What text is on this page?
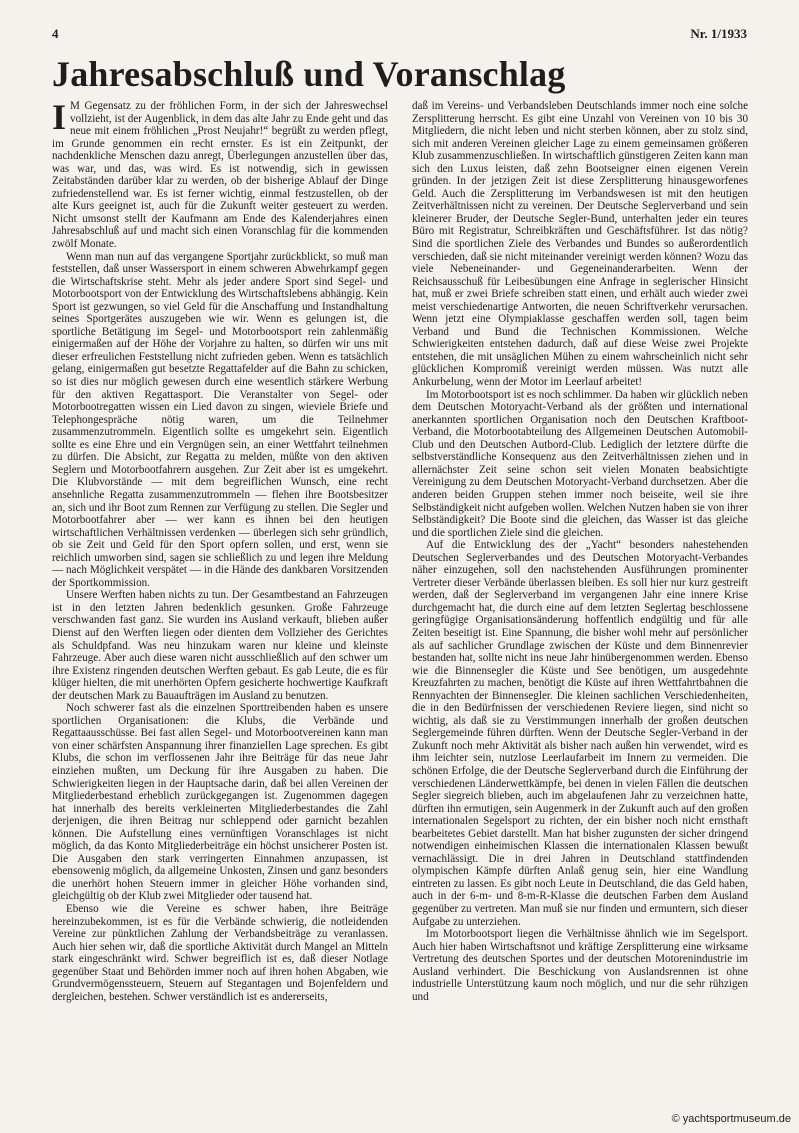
4	Nr. 1/1933
Jahresabschluß und Voranschlag

I M Gegensatz zu der fröhlichen Form, in der sich der Jahreswechsel vollzieht, ist der Augenblick, in dem das alte Jahr zu Ende geht und das neue mit einem fröhlichen „Prost Neujahr!“ begrüßt zu werden pflegt, im Grunde genommen ein recht ernster. Es ist ein Zeitpunkt, der nachdenkliche Menschen dazu anregt, Überlegungen anzustellen über das, was war, und das, was wird. Es ist notwendig, sich in gewissen Zeitabständen darüber klar zu werden, ob der bisherige Ablauf der Dinge zufriedenstellend war. Es ist ferner wichtig, einmal festzustellen, ob der alte Kurs geeignet ist, auch für die Zukunft weiter gesteuert zu werden. Nicht umsonst stellt der Kaufmann am Ende des Kalenderjahres einen Jahresabschluß auf und macht sich einen Voranschlag für die kommenden zwölf Monate.

Wenn man nun auf das vergangene Sportjahr zurückblickt, so muß man feststellen, daß unser Wassersport in einem schweren Abwehrkampf gegen die Wirtschaftskrise steht. Mehr als jeder andere Sport sind Segel- und Motorbootsport von der Entwicklung des Wirtschaftslebens abhängig. Kein Sport ist gezwungen, so viel Geld für die Anschaffung und Instandhaltung seines Sportgerätes auszugeben wie wir. Wenn es gelungen ist, die sportliche Betätigung im Segel- und Motorbootsport rein zahlenmäßig einigermaßen auf der Höhe der Vorjahre zu halten, so dürfen wir uns mit dieser erfreulichen Feststellung nicht zufrieden geben. Wenn es tatsächlich gelang, einigermaßen gut besetzte Regattafelder auf die Bahn zu schicken, so ist dies nur möglich gewesen durch eine wesentlich stärkere Werbung für den aktiven Regattasport. Die Veranstalter von Segel- oder Motorbootregatten wissen ein Lied davon zu singen, wieviele Briefe und Telephongespräche nötig waren, um die Teilnehmer zusammenzutrommeln. Eigentlich sollte es umgekehrt sein. Eigentlich sollte es eine Ehre und ein Vergnügen sein, an einer Wettfahrt teilnehmen zu dürfen. Die Absicht, zur Regatta zu melden, müßte von den aktiven Seglern und Motorbootfahrern ausgehen. Zur Zeit aber ist es umgekehrt. Die Klubvorstände — mit dem begreiflichen Wunsch, eine recht ansehnliche Regatta zusammenzutrommeln — flehen ihre Bootsbesitzer an, sich und ihr Boot zum Rennen zur Verfügung zu stellen. Die Segler und Motorbootfahrer aber — wer kann es ihnen bei den heutigen wirtschaftlichen Verhältnissen verdenken — überlegen sich sehr gründlich, ob sie Zeit und Geld für den Sport opfern sollen, und erst, wenn sie reichlich umworben sind, sagen sie schließlich zu und legen ihre Meldung — nach Möglichkeit verspätet — in die Hände des dankbaren Vorsitzenden der Sportkommission.

Unsere Werften haben nichts zu tun. Der Gesamtbestand an Fahrzeugen ist in den letzten Jahren bedenklich gesunken. Große Fahrzeuge verschwanden fast ganz. Sie wurden ins Ausland verkauft, blieben außer Dienst auf den Werften liegen oder dienten dem Vollzieher des Gerichtes als Schuldpfand. Was neu hinzukam waren nur kleine und kleinste Fahrzeuge. Aber auch diese waren nicht ausschließlich auf den schwer um ihre Existenz ringenden deutschen Werften gebaut. Es gab Leute, die es für klüger hielten, die mit unerhörten Opfern gesicherte hochwertige Kaufkraft der deutschen Mark zu Bauaufträgen im Ausland zu benutzen.

Noch schwerer fast als die einzelnen Sporttreibenden haben es unsere sportlichen Organisationen: die Klubs, die Verbände und Regattaausschüsse. Bei fast allen Segel- und Motorbootvereinen kann man von einer schärfsten Anspannung ihrer finanziellen Lage sprechen. Es gibt Klubs, die schon im verflossenen Jahr ihre Beiträge für das neue Jahr einziehen mußten, um Deckung für ihre Ausgaben zu haben. Die Schwierigkeiten liegen in der Hauptsache darin, daß bei allen Vereinen der Mitgliederbestand erheblich zurückgegangen ist. Zugenommen dagegen hat innerhalb des bereits verkleinerten Mitgliederbestandes die Zahl derjenigen, die ihren Beitrag nur schleppend oder garnicht bezahlen können. Die Aufstellung eines vernünftigen Voranschlages ist nicht möglich, da das Konto Mitgliederbeiträge ein höchst unsicherer Posten ist. Die Ausgaben den stark verringerten Einnahmen anzupassen, ist ebensowenig möglich, da allgemeine Unkosten, Zinsen und ganz besonders die unerhört hohen Steuern immer in gleicher Höhe vorhanden sind, gleichgültig ob der Klub zwei Mitglieder oder tausend hat.

Ebenso wie die Vereine es schwer haben, ihre Beiträge hereinzubekommen, ist es für die Verbände schwierig, die notleidenden Vereine zur pünktlichen Zahlung der Verbandsbeiträge zu veranlassen. Auch hier sehen wir, daß die sportliche Aktivität durch Mangel an Mitteln stark eingeschränkt wird. Schwer begreiflich ist es, daß dieser Notlage gegenüber Staat und Behörden immer noch auf ihren hohen Abgaben, wie Grundvermögenssteuern, Steuern auf Stegantagen und Bojenfeldern und dergleichen, bestehen. Schwer verständlich ist es andererseits,

daß im Vereins- und Verbandsleben Deutschlands immer noch eine solche Zersplitterung herrscht. Es gibt eine Unzahl von Vereinen von 10 bis 30 Mitgliedern, die nicht leben und nicht sterben können, aber zu stolz sind, sich mit anderen Vereinen gleicher Lage zu einem gemeinsamen größeren Klub zusammenzuschließen. In wirtschaftlich günstigeren Zeiten kann man sich den Luxus leisten, daß zehn Bootseigner einen eigenen Verein gründen. In der jetzigen Zeit ist diese Zersplitterung hinausgeworfenes Geld. Auch die Zersplitterung im Verbandswesen ist mit den heutigen Zeitverhältnissen nicht zu vereinen. Der Deutsche Seglerverband und sein kleinerer Bruder, der Deutsche Segler-Bund, unterhalten jeder ein teures Büro mit Registratur, Schreibkräften und Geschäftsführer. Ist das nötig? Sind die sportlichen Ziele des Verbandes und Bundes so außerordentlich verschieden, daß sie nicht miteinander vereinigt werden können? Wozu das viele Nebeneinander- und Gegeneinanderarbeiten. Wenn der Reichsausschuß für Leibesübungen eine Anfrage in seglerischer Hinsicht hat, muß er zwei Briefe schreiben statt einen, und erhält auch wieder zwei meist verschiedenartige Antworten, die neuen Schriftverkehr verursachen. Wenn jetzt eine Olympiaklasse geschaffen werden soll, tagen beim Verband und Bund die Technischen Kommissionen. Welche Schwierigkeiten entstehen dadurch, daß auf diese Weise zwei Projekte entstehen, die mit unsäglichen Mühen zu einem wahrscheinlich nicht sehr glücklichen Kompromiß vereinigt werden müssen. Was nutzt alle Ankurbelung, wenn der Motor im Leerlauf arbeitet!

Im Motorbootsport ist es noch schlimmer. Da haben wir glücklich neben dem Deutschen Motoryacht-Verband als der größten und international anerkannten sportlichen Organisation noch den Deutschen Kraftboot-Verband, die Motorbootabteilung des Allgemeinen Deutschen Automobil-Club und den Deutschen Autbord-Club. Lediglich der letztere dürfte die selbstverständliche Konsequenz aus den Zeitverhältnissen ziehen und in allernächster Zeit seine schon seit vielen Monaten beabsichtigte Vereinigung zu dem Deutschen Motoryacht-Verband durchsetzen. Aber die anderen beiden Gruppen stehen immer noch beiseite, weil sie ihre Selbständigkeit nicht aufgeben wollen. Welchen Nutzen haben sie von ihrer Selbständigkeit? Die Boote sind die gleichen, das Wasser ist das gleiche und die sportlichen Ziele sind die gleichen.

Auf die Entwicklung des der „Yacht“ besonders nahestehenden Deutschen Seglerverbandes und des Deutschen Motoryacht-Verbandes näher einzugehen, soll den nachstehenden Ausführungen prominenter Vertreter dieser Verbände überlassen bleiben. Es soll hier nur kurz gestreift werden, daß der Seglerverband im vergangenen Jahr eine innere Krise durchgemacht hat, die durch eine auf dem letzten Seglertag beschlossene geringfügige Organisationsänderung hoffentlich endgültig und für alle Zeiten beseitigt ist. Eine Spannung, die bisher wohl mehr auf persönlicher als auf sachlicher Grundlage zwischen der Küste und dem Binnenrevier bestanden hat, sollte nicht ins neue Jahr hinübergenommen werden. Ebenso wie die Binnensegler die Küste und See benötigen, um ausgedehnte Kreuzfahrten zu machen, benötigt die Küste auf ihren Wettfahrtbahnen die Rennyachten der Binnensegler. Die kleinen sachlichen Verschiedenheiten, die in den Bedürfnissen der verschiedenen Reviere liegen, sind nicht so wichtig, als daß sie zu Verstimmungen innerhalb der großen deutschen Seglergemeinde führen dürften. Wenn der Deutsche Segler-Verband in der Zukunft noch mehr Aktivität als bisher nach außen hin verwendet, wird es ihm leichter sein, nutzlose Leerlaufarbeit im Innern zu vermeiden. Die schönen Erfolge, die der Deutsche Seglerverband durch die Einführung der verschiedenen Länderwettkämpfe, bei denen in vielen Fällen die deutschen Segler siegreich blieben, auch im abgelaufenen Jahr zu verzeichnen hatte, dürften ihn ermutigen, sein Augenmerk in der Zukunft auch auf den großen internationalen Segelsport zu richten, der ein bisher noch nicht ernsthaft bearbeitetes Gebiet darstellt. Man hat bisher zugunsten der sicher dringend notwendigen einheimischen Klassen die internationalen Klassen bewußt vernachlässigt. Die in drei Jahren in Deutschland stattfindenden olympischen Kämpfe dürften Anlaß genug sein, hier eine Wandlung eintreten zu lassen. Es gibt noch Leute in Deutschland, die das Geld haben, auch in der 6-m- und 8-m-R-Klasse die deutschen Farben dem Ausland gegenüber zu vertreten. Man muß sie nur finden und ermuntern, sich dieser Aufgabe zu unterziehen.

Im Motorbootsport liegen die Verhältnisse ähnlich wie im Segelsport. Auch hier haben Wirtschaftsnot und kräftige Zersplitterung eine wirksame Vertretung des deutschen Sportes und der deutschen Motorenindustrie im Ausland verhindert. Die Beschickung von Auslandsrennen ist ohne industrielle Unterstützung kaum noch möglich, und nur die sehr rühzigen und

© yachtsportmuseum.de
